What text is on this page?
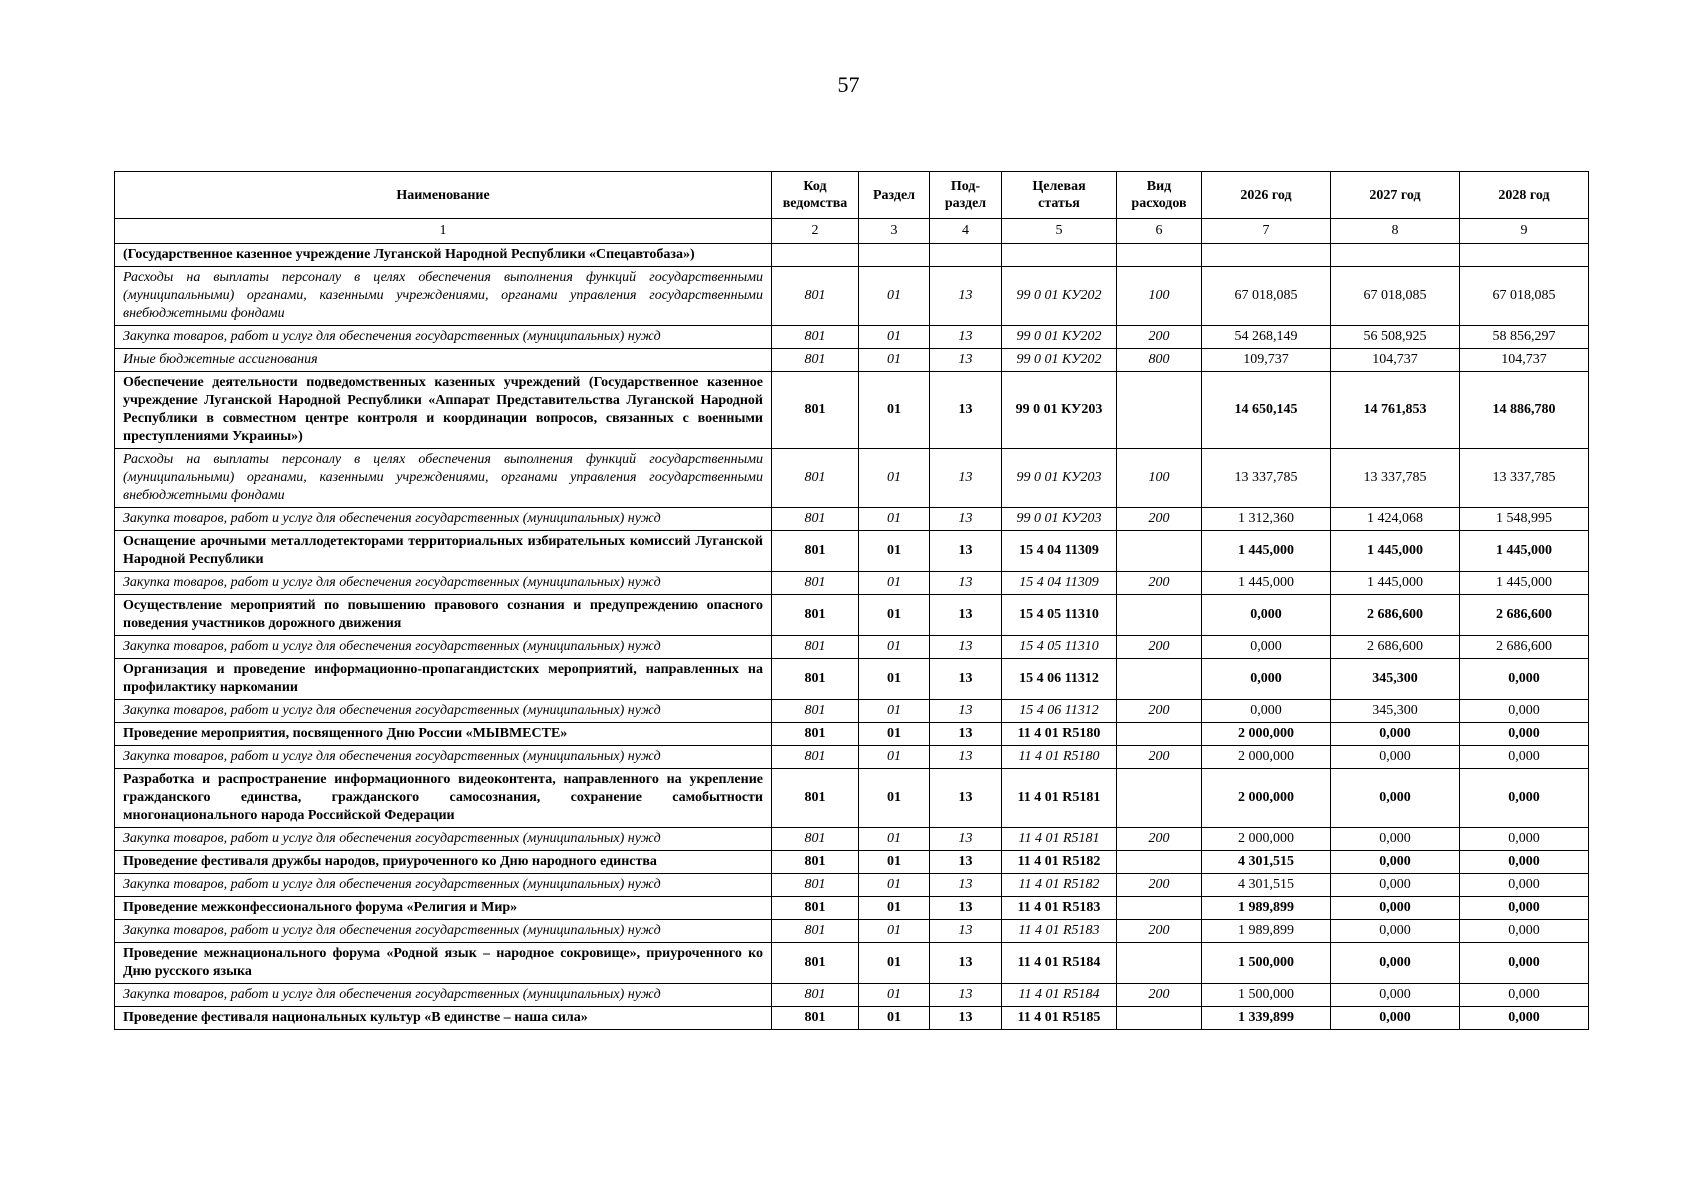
57
Наименование	Код ведомства	Раздел	Под-раздел	Целевая статья	Вид расходов	2026 год	2027 год	2028 год
1	2	3	4	5	6	7	8	9
(Государственное казенное учреждение Луганской Народной Республики «Спецавтобаза»)								
Расходы на выплаты персоналу в целях обеспечения выполнения функций государственными (муниципальными) органами, казенными учреждениями, органами управления государственными внебюджетными фондами	801	01	13	99 0 01 КУ202	100	67 018,085	67 018,085	67 018,085
Закупка товаров, работ и услуг для обеспечения государственных (муниципальных) нужд	801	01	13	99 0 01 КУ202	200	54 268,149	56 508,925	58 856,297
Иные бюджетные ассигнования	801	01	13	99 0 01 КУ202	800	109,737	104,737	104,737
Обеспечение деятельности подведомственных казенных учреждений (Государственное казенное учреждение Луганской Народной Республики «Аппарат Представительства Луганской Народной Республики в совместном центре контроля и координации вопросов, связанных с военными преступлениями Украины»)	801	01	13	99 0 01 КУ203		14 650,145	14 761,853	14 886,780
Расходы на выплаты персоналу в целях обеспечения выполнения функций государственными (муниципальными) органами, казенными учреждениями, органами управления государственными внебюджетными фондами	801	01	13	99 0 01 КУ203	100	13 337,785	13 337,785	13 337,785
Закупка товаров, работ и услуг для обеспечения государственных (муниципальных) нужд	801	01	13	99 0 01 КУ203	200	1 312,360	1 424,068	1 548,995
Оснащение арочными металлодетекторами территориальных избирательных комиссий Луганской Народной Республики	801	01	13	15 4 04 11309		1 445,000	1 445,000	1 445,000
Закупка товаров, работ и услуг для обеспечения государственных (муниципальных) нужд	801	01	13	15 4 04 11309	200	1 445,000	1 445,000	1 445,000
Осуществление мероприятий по повышению правового сознания и предупреждению опасного поведения участников дорожного движения	801	01	13	15 4 05 11310		0,000	2 686,600	2 686,600
Закупка товаров, работ и услуг для обеспечения государственных (муниципальных) нужд	801	01	13	15 4 05 11310	200	0,000	2 686,600	2 686,600
Организация и проведение информационно-пропагандистских мероприятий, направленных на профилактику наркомании	801	01	13	15 4 06 11312		0,000	345,300	0,000
Закупка товаров, работ и услуг для обеспечения государственных (муниципальных) нужд	801	01	13	15 4 06 11312	200	0,000	345,300	0,000
Проведение мероприятия, посвященного Дню России «МЫВМЕСТЕ»	801	01	13	11 4 01 R5180		2 000,000	0,000	0,000
Закупка товаров, работ и услуг для обеспечения государственных (муниципальных) нужд	801	01	13	11 4 01 R5180	200	2 000,000	0,000	0,000
Разработка и распространение информационного видеоконтента, направленного на укрепление гражданского единства, гражданского самосознания, сохранение самобытности многонационального народа Российской Федерации	801	01	13	11 4 01 R5181		2 000,000	0,000	0,000
Закупка товаров, работ и услуг для обеспечения государственных (муниципальных) нужд	801	01	13	11 4 01 R5181	200	2 000,000	0,000	0,000
Проведение фестиваля дружбы народов, приуроченного ко Дню народного единства	801	01	13	11 4 01 R5182		4 301,515	0,000	0,000
Закупка товаров, работ и услуг для обеспечения государственных (муниципальных) нужд	801	01	13	11 4 01 R5182	200	4 301,515	0,000	0,000
Проведение межконфессионального форума «Религия и Мир»	801	01	13	11 4 01 R5183		1 989,899	0,000	0,000
Закупка товаров, работ и услуг для обеспечения государственных (муниципальных) нужд	801	01	13	11 4 01 R5183	200	1 989,899	0,000	0,000
Проведение межнационального форума «Родной язык – народное сокровище», приуроченного ко Дню русского языка	801	01	13	11 4 01 R5184		1 500,000	0,000	0,000
Закупка товаров, работ и услуг для обеспечения государственных (муниципальных) нужд	801	01	13	11 4 01 R5184	200	1 500,000	0,000	0,000
Проведение фестиваля национальных культур «В единстве – наша сила»	801	01	13	11 4 01 R5185		1 339,899	0,000	0,000
